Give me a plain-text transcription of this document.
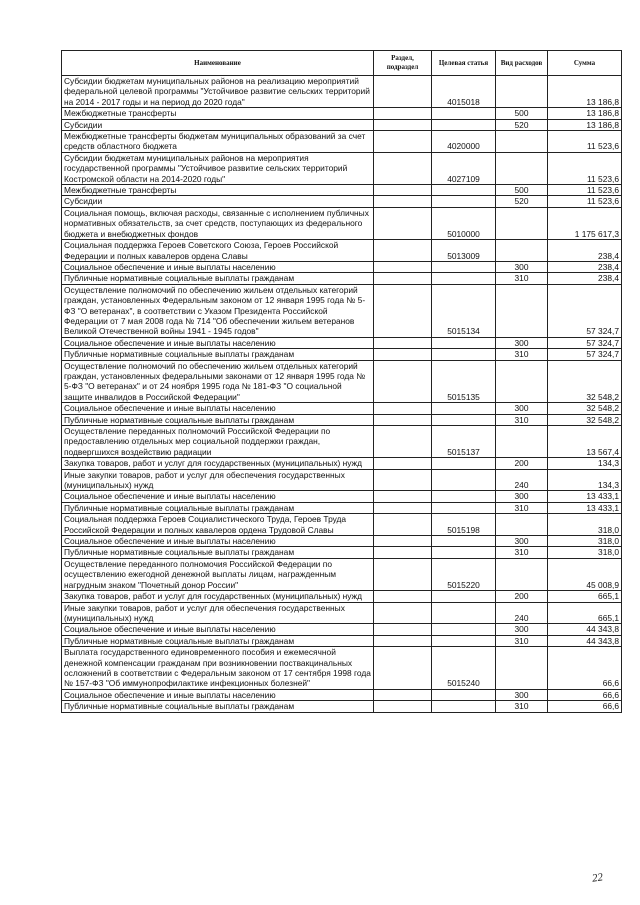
Наименование	Раздел, подраздел	Целевая статья	Вид расходов	Сумма
Субсидии бюджетам муниципальных районов на реализацию мероприятий федеральной целевой программы "Устойчивое развитие сельских территорий на 2014 - 2017 годы и на период до 2020 года"		4015018		13 186,8
Межбюджетные трансферты			500	13 186,8
Субсидии			520	13 186,8
Межбюджетные трансферты бюджетам муниципальных образований за счет средств областного бюджета		4020000		11 523,6
Субсидии бюджетам муниципальных районов на мероприятия государственной программы "Устойчивое развитие сельских территорий Костромской области на 2014-2020 годы"		4027109		11 523,6
Межбюджетные трансферты			500	11 523,6
Субсидии			520	11 523,6
Социальная помощь, включая расходы, связанные с исполнением публичных нормативных обязательств, за счет средств, поступающих из федерального бюджета и внебюджетных фондов		5010000		1 175 617,3
Социальная поддержка Героев Советского Союза, Героев Российской Федерации и полных кавалеров ордена Славы		5013009		238,4
Социальное обеспечение и иные выплаты населению			300	238,4
Публичные нормативные социальные выплаты гражданам			310	238,4
Осуществление полномочий по обеспечению жильем отдельных категорий граждан, установленных Федеральным законом от 12 января 1995 года № 5-ФЗ "О ветеранах", в соответствии с Указом Президента Российской Федерации от 7 мая 2008 года № 714 "Об обеспечении жильем ветеранов Великой Отечественной войны 1941 - 1945 годов"		5015134		57 324,7
Социальное обеспечение и иные выплаты населению			300	57 324,7
Публичные нормативные социальные выплаты гражданам			310	57 324,7
Осуществление полномочий по обеспечению жильем отдельных категорий граждан, установленных федеральными законами от 12 января 1995 года № 5-ФЗ "О ветеранах" и от 24 ноября 1995 года № 181-ФЗ "О социальной защите инвалидов в Российской Федерации"		5015135		32 548,2
Социальное обеспечение и иные выплаты населению			300	32 548,2
Публичные нормативные социальные выплаты гражданам			310	32 548,2
Осуществление переданных полномочий Российской Федерации по предоставлению отдельных мер социальной поддержки граждан, подвергшихся воздействию радиации		5015137		13 567,4
Закупка товаров, работ и услуг для государственных (муниципальных) нужд			200	134,3
Иные закупки товаров, работ и услуг для обеспечения государственных (муниципальных) нужд			240	134,3
Социальное обеспечение и иные выплаты населению			300	13 433,1
Публичные нормативные социальные выплаты гражданам			310	13 433,1
Социальная поддержка Героев Социалистического Труда, Героев Труда Российской Федерации и полных кавалеров ордена Трудовой Славы		5015198		318,0
Социальное обеспечение и иные выплаты населению			300	318,0
Публичные нормативные социальные выплаты гражданам			310	318,0
Осуществление переданного полномочия Российской Федерации по осуществлению ежегодной денежной выплаты лицам, награжденным нагрудным знаком "Почетный донор России"		5015220		45 008,9
Закупка товаров, работ и услуг для государственных (муниципальных) нужд			200	665,1
Иные закупки товаров, работ и услуг для обеспечения государственных (муниципальных) нужд			240	665,1
Социальное обеспечение и иные выплаты населению			300	44 343,8
Публичные нормативные социальные выплаты гражданам			310	44 343,8
Выплата государственного единовременного пособия и ежемесячной денежной компенсации гражданам при возникновении поствакцинальных осложнений в соответствии с Федеральным законом от 17 сентября 1998 года № 157-ФЗ "Об иммунопрофилактике инфекционных болезней"		5015240		66,6
Социальное обеспечение и иные выплаты населению			300	66,6
Публичные нормативные социальные выплаты гражданам			310	66,6
22
